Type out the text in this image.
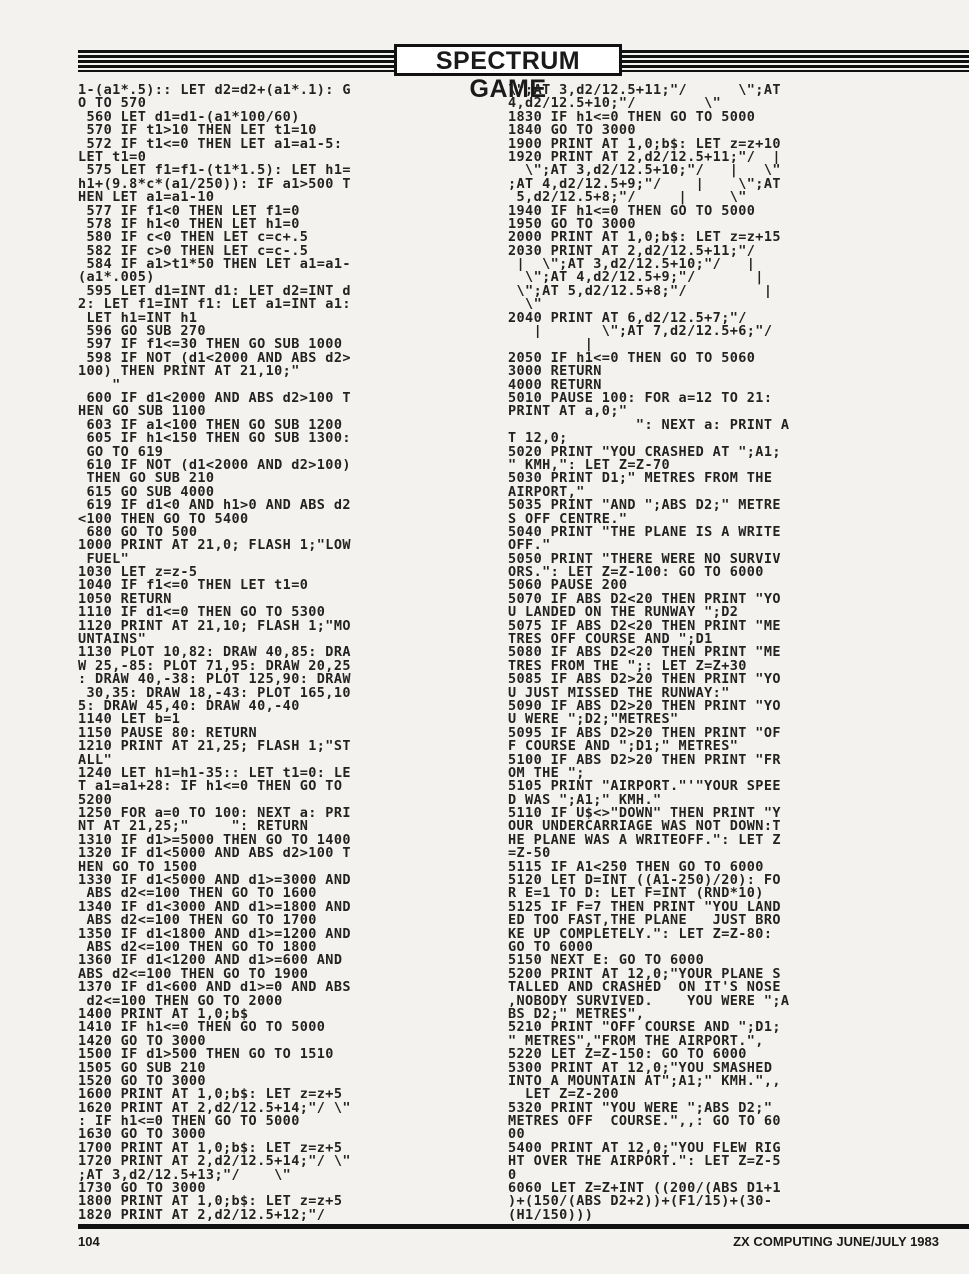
SPECTRUM GAME
1-(a1*.5):: LET d2=d2+(a1*.1): G
O TO 570
560 LET d1=d1-(a1*100/60)
570 IF t1>10 THEN LET t1=10
572 IF t1<=0 THEN LET a1=a1-5:
LET t1=0
575 LET f1=f1-(t1*1.5): LET h1=
h1+(9.8*c*(a1/250)): IF a1>500 T
HEN LET a1=a1-10
577 IF f1<0 THEN LET f1=0
578 IF h1<0 THEN LET h1=0
580 IF c<0 THEN LET c=c+.5
582 IF c>0 THEN LET c=c-.5
584 IF a1>t1*50 THEN LET a1=a1-
(a1*.005)
595 LET d1=INT d1: LET d2=INT d
2: LET f1=INT f1: LET a1=INT a1:
LET h1=INT h1
596 GO SUB 270
597 IF f1<=30 THEN GO SUB 1000
598 IF NOT (d1<2000 AND ABS d2>
100) THEN PRINT AT 21,10;"
"
600 IF d1<2000 AND ABS d2>100 T
HEN GO SUB 1100
603 IF a1<100 THEN GO SUB 1200
605 IF h1<150 THEN GO SUB 1300:
GO TO 619
610 IF NOT (d1<2000 AND d2>100)
THEN GO SUB 210
615 GO SUB 4000
619 IF d1<0 AND h1>0 AND ABS d2
<100 THEN GO TO 5400
680 GO TO 500
1000 PRINT AT 21,0; FLASH 1;"LOW
FUEL"
1030 LET z=z-5
1040 IF f1<=0 THEN LET t1=0
1050 RETURN
1110 IF d1<=0 THEN GO TO 5300
1120 PRINT AT 21,10; FLASH 1;"MO
UNTAINS"
1130 PLOT 10,82: DRAW 40,85: DRA
W 25,-85: PLOT 71,95: DRAW 20,25
: DRAW 40,-38: PLOT 125,90: DRAW
30,35: DRAW 18,-43: PLOT 165,10
5: DRAW 45,40: DRAW 40,-40
1140 LET b=1
1150 PAUSE 80: RETURN
1210 PRINT AT 21,25; FLASH 1;"ST
ALL"
1240 LET h1=h1-35:: LET t1=0: LE
T a1=a1+28: IF h1<=0 THEN GO TO
5200
1250 FOR a=0 TO 100: NEXT a: PRI
NT AT 21,25;"     ": RETURN
1310 IF d1>=5000 THEN GO TO 1400
1320 IF d1<5000 AND ABS d2>100 T
HEN GO TO 1500
1330 IF d1<5000 AND d1>=3000 AND
ABS d2<=100 THEN GO TO 1600
1340 IF d1<3000 AND d1>=1800 AND
ABS d2<=100 THEN GO TO 1700
1350 IF d1<1800 AND d1>=1200 AND
ABS d2<=100 THEN GO TO 1800
1360 IF d1<1200 AND d1>=600 AND
ABS d2<=100 THEN GO TO 1900
1370 IF d1<600 AND d1>=0 AND ABS
d2<=100 THEN GO TO 2000
1400 PRINT AT 1,0;b$
1410 IF h1<=0 THEN GO TO 5000
1420 GO TO 3000
1500 IF d1>500 THEN GO TO 1510
1505 GO SUB 210
1520 GO TO 3000
1600 PRINT AT 1,0;b$: LET z=z+5
1620 PRINT AT 2,d2/12.5+14;"/ \"
: IF h1<=0 THEN GO TO 5000
1630 GO TO 3000
1700 PRINT AT 1,0;b$: LET z=z+5
1720 PRINT AT 2,d2/12.5+14;"/ \"
;AT 3,d2/12.5+13;"/    \"
1730 GO TO 3000
1800 PRINT AT 1,0;b$: LET z=z+5
1820 PRINT AT 2,d2/12.5+12;"/
\";AT 3,d2/12.5+11;"/      \";AT
4,d2/12.5+10;"/        \"
1830 IF h1<=0 THEN GO TO 5000
1840 GO TO 3000
1900 PRINT AT 1,0;b$: LET z=z+10
1920 PRINT AT 2,d2/12.5+11;"/  |
\";AT 3,d2/12.5+10;"/   |   \"
;AT 4,d2/12.5+9;"/    |    \";AT
5,d2/12.5+8;"/     |     \"
1940 IF h1<=0 THEN GO TO 5000
1950 GO TO 3000
2000 PRINT AT 1,0;b$: LET z=z+15
2030 PRINT AT 2,d2/12.5+11;"/
|  \";AT 3,d2/12.5+10;"/   |
\";AT 4,d2/12.5+9;"/       |
\";AT 5,d2/12.5+8;"/         |
\"
2040 PRINT AT 6,d2/12.5+7;"/
|       \";AT 7,d2/12.5+6;"/
|
2050 IF h1<=0 THEN GO TO 5060
3000 RETURN
4000 RETURN
5010 PAUSE 100: FOR a=12 TO 21:
PRINT AT a,0;"
": NEXT a: PRINT A
T 12,0;
5020 PRINT "YOU CRASHED AT ";A1;
" KMH,": LET Z=Z-70
5030 PRINT D1;" METRES FROM THE
AIRPORT,"
5035 PRINT "AND ";ABS D2;" METRE
S OFF CENTRE."
5040 PRINT "THE PLANE IS A WRITE
OFF."
5050 PRINT "THERE WERE NO SURVIV
ORS.": LET Z=Z-100: GO TO 6000
5060 PAUSE 200
5070 IF ABS D2<20 THEN PRINT "YO
U LANDED ON THE RUNWAY ";D2
5075 IF ABS D2<20 THEN PRINT "ME
TRES OFF COURSE AND ";D1
5080 IF ABS D2<20 THEN PRINT "ME
TRES FROM THE ";: LET Z=Z+30
5085 IF ABS D2>20 THEN PRINT "YO
U JUST MISSED THE RUNWAY:"
5090 IF ABS D2>20 THEN PRINT "YO
U WERE ";D2;"METRES"
5095 IF ABS D2>20 THEN PRINT "OF
F COURSE AND ";D1;" METRES"
5100 IF ABS D2>20 THEN PRINT "FR
OM THE ";
5105 PRINT "AIRPORT."'"YOUR SPEE
D WAS ";A1;" KMH."
5110 IF U$<>"DOWN" THEN PRINT "Y
OUR UNDERCARRIAGE WAS NOT DOWN:T
HE PLANE WAS A WRITEOFF.": LET Z
=Z-50
5115 IF A1<250 THEN GO TO 6000
5120 LET D=INT ((A1-250)/20): FO
R E=1 TO D: LET F=INT (RND*10)
5125 IF F=7 THEN PRINT "YOU LAND
ED TOO FAST,THE PLANE   JUST BRO
KE UP COMPLETELY.": LET Z=Z-80:
GO TO 6000
5150 NEXT E: GO TO 6000
5200 PRINT AT 12,0;"YOUR PLANE S
TALLED AND CRASHED  ON IT'S NOSE
,NOBODY SURVIVED.    YOU WERE ";A
BS D2;" METRES",
5210 PRINT "OFF COURSE AND ";D1;
" METRES","FROM THE AIRPORT.",
5220 LET Z=Z-150: GO TO 6000
5300 PRINT AT 12,0;"YOU SMASHED
INTO A MOUNTAIN AT";A1;" KMH.",,
LET Z=Z-200
5320 PRINT "YOU WERE ";ABS D2;"
METRES OFF  COURSE.",,: GO TO 60
00
5400 PRINT AT 12,0;"YOU FLEW RIG
HT OVER THE AIRPORT.": LET Z=Z-5
0
6060 LET Z=Z+INT ((200/(ABS D1+1
)+(150/(ABS D2+2))+(F1/15)+(30-
(H1/150)))
104	ZX COMPUTING JUNE/JULY 1983
